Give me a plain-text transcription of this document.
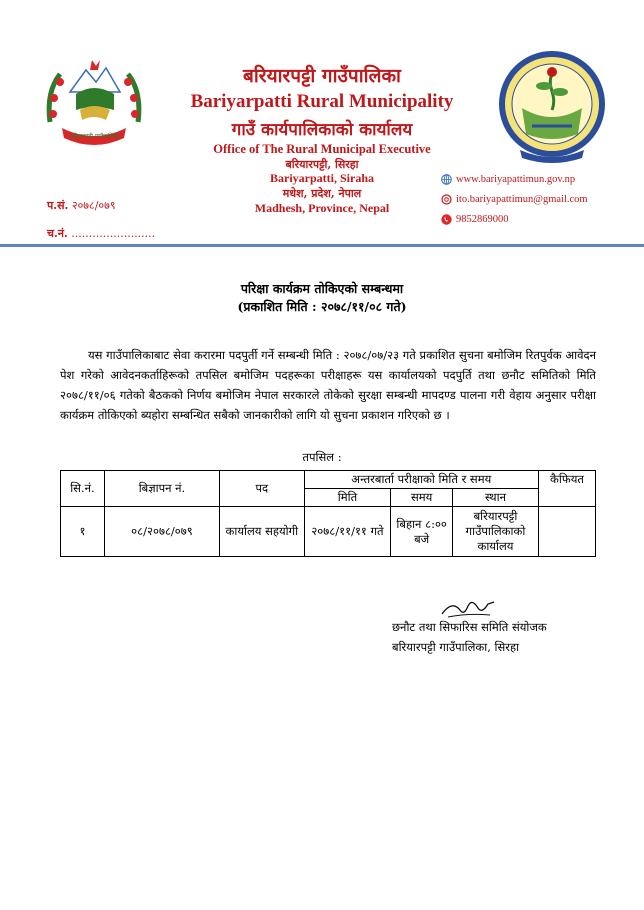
बरियारपट्टी गाउँपालिका
बरियारपट्टी गाउँपालिका
Bariyarpatti Rural Municipality
गाउँ कार्यपालिकाको कार्यालय
Office of The Rural Municipal Executive
बरियारपट्टी, सिरहा
Bariyarpatti, Siraha
मधेश, प्रदेश, नेपाल
Madhesh, Province, Nepal
प.सं. २०७८/०७९
च.नं. ........................
www.bariyapattimun.gov.np
ito.bariyapattimun@gmail.com
9852869000
परिक्षा कार्यक्रम तोकिएको सम्बन्धमा
(प्रकाशित मिति : २०७८/११/०८ गते)
यस गाउँपालिकाबाट सेवा करारमा पदपुर्ती गर्ने सम्बन्धी मिति : २०७८/०७/२३ गते प्रकाशित सुचना बमोजिम रितपुर्वक आवेदन पेश गरेको आवेदनकर्ताहिरूको तपसिल बमोजिम पदहरूका परीक्षाहरू यस कार्यालयको पदपुर्ति तथा छनौट समितिको मिति २०७८/११/०६ गतेको बैठकको निर्णय बमोजिम नेपाल सरकारले तोकेको सुरक्षा सम्बन्धी मापदण्ड पालना गरी वेहाय अनुसार परीक्षा कार्यक्रम तोकिएको ब्यहोरा सम्बन्धित सबैको जानकारीको लागि यो सुचना प्रकाशन गरिएको छ ।
तपसिल :
सि.नं.	बिज्ञापन नं.	पद	अन्तरबार्ता परीक्षाको मिति र समय			कैफियत
			मिति	समय	स्थान	
१	०८/२०७८/०७९	कार्यालय सहयोगी	२०७८/११/११ गते	बिहान ८:०० बजे	बरियारपट्टी गाउँपालिकाको कार्यालय	
छनौट तथा सिफारिस समिति संयोजक
बरियारपट्टी गाउँपालिका, सिरहा
